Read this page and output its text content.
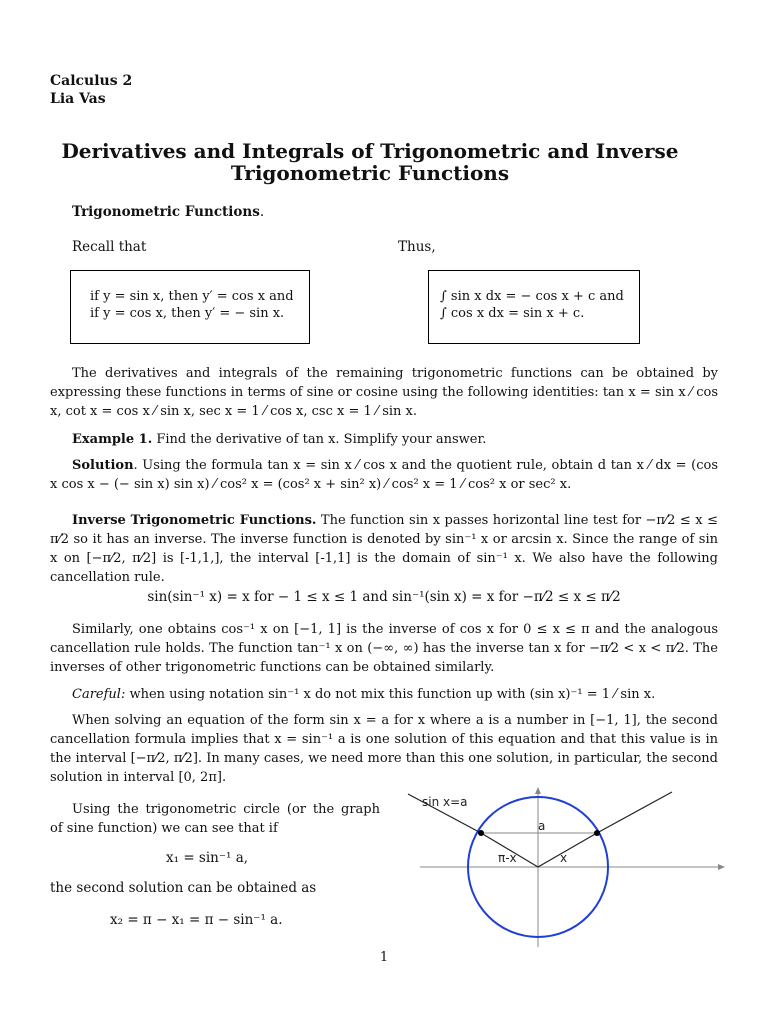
Calculus 2
Lia Vas
Derivatives and Integrals of Trigonometric and Inverse
Trigonometric Functions
Trigonometric Functions.
Recall that	Thus,
if y = sin x, then y′ = cos x and
if y = cos x, then y′ = − sin x.
∫ sin x dx = − cos x + c and
∫ cos x dx = sin x + c.
The derivatives and integrals of the remaining trigonometric functions can be obtained by expressing these functions in terms of sine or cosine using the following identities: tan x = sin x ⁄ cos x, cot x = cos x ⁄ sin x, sec x = 1 ⁄ cos x, csc x = 1 ⁄ sin x.
Example 1. Find the derivative of tan x. Simplify your answer.
Solution. Using the formula tan x = sin x ⁄ cos x and the quotient rule, obtain d tan x ⁄ dx = (cos x cos x − (− sin x) sin x) ⁄ cos² x = (cos² x + sin² x) ⁄ cos² x = 1 ⁄ cos² x or sec² x.
Inverse Trigonometric Functions. The function sin x passes horizontal line test for −π⁄2 ≤ x ≤ π⁄2 so it has an inverse. The inverse function is denoted by sin⁻¹ x or arcsin x. Since the range of sin x on [−π⁄2, π⁄2] is [-1,1,], the interval [-1,1] is the domain of sin⁻¹ x. We also have the following cancellation rule.
sin(sin⁻¹ x) = x for − 1 ≤ x ≤ 1 and sin⁻¹(sin x) = x for −π⁄2 ≤ x ≤ π⁄2
Similarly, one obtains cos⁻¹ x on [−1, 1] is the inverse of cos x for 0 ≤ x ≤ π and the analogous cancellation rule holds. The function tan⁻¹ x on (−∞, ∞) has the inverse tan x for −π⁄2 < x < π⁄2. The inverses of other trigonometric functions can be obtained similarly.
Careful: when using notation sin⁻¹ x do not mix this function up with (sin x)⁻¹ = 1 ⁄ sin x.
When solving an equation of the form sin x = a for x where a is a number in [−1, 1], the second cancellation formula implies that x = sin⁻¹ a is one solution of this equation and that this value is in the interval [−π⁄2, π⁄2]. In many cases, we need more than this one solution, in particular, the second solution in interval [0, 2π].
Using the trigonometric circle (or the graph of sine function) we can see that if
x₁ = sin⁻¹ a,
the second solution can be obtained as
x₂ = π − x₁ = π − sin⁻¹ a.
sin x=a
a
π-x	x
1
